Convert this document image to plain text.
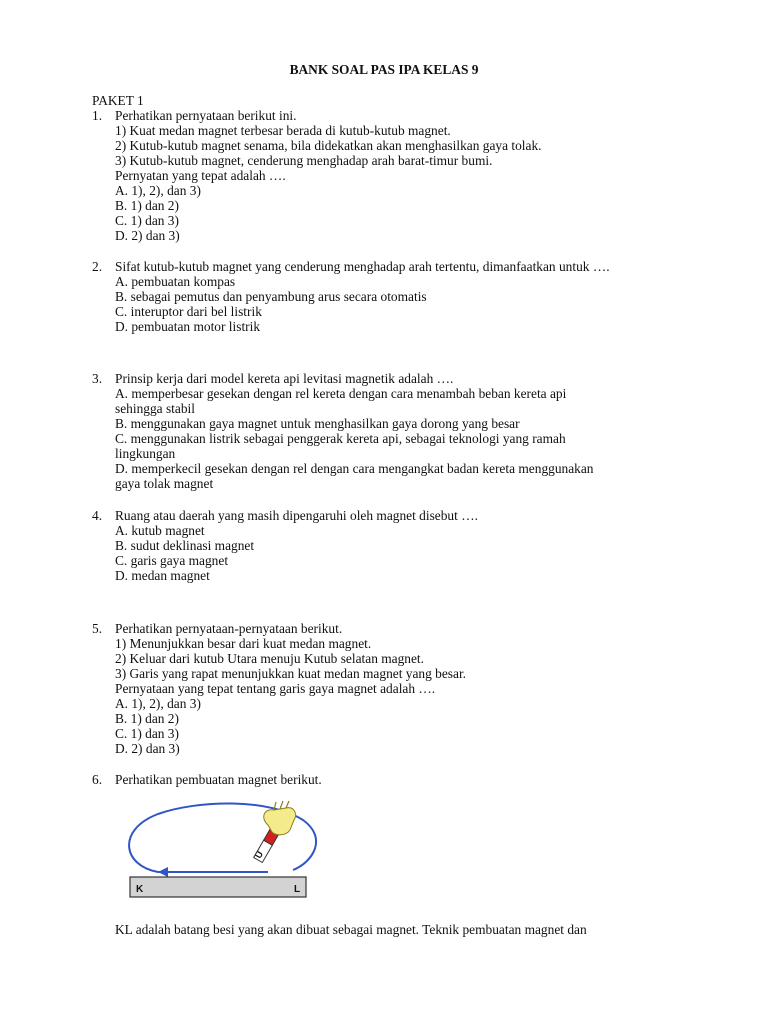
BANK SOAL PAS IPA KELAS 9
PAKET 1
1. Perhatikan pernyataan berikut ini.
1) Kuat medan magnet terbesar berada di kutub-kutub magnet.
2) Kutub-kutub magnet senama, bila didekatkan akan menghasilkan gaya tolak.
3) Kutub-kutub magnet, cenderung menghadap arah barat-timur bumi.
Pernyatan yang tepat adalah ….
A. 1), 2), dan 3)
B. 1) dan 2)
C. 1) dan 3)
D. 2) dan 3)
2. Sifat kutub-kutub magnet yang cenderung menghadap arah tertentu, dimanfaatkan untuk ….
A. pembuatan kompas
B. sebagai pemutus dan penyambung arus secara otomatis
C. interuptor dari bel listrik
D. pembuatan motor listrik
3. Prinsip kerja dari model kereta api levitasi magnetik adalah ….
A. memperbesar gesekan dengan rel kereta dengan cara menambah beban kereta api
sehingga stabil
B. menggunakan gaya magnet untuk menghasilkan gaya dorong yang besar
C. menggunakan listrik sebagai penggerak kereta api, sebagai teknologi yang ramah
lingkungan
D. memperkecil gesekan dengan rel dengan cara mengangkat badan kereta menggunakan
gaya tolak magnet
4. Ruang atau daerah yang masih dipengaruhi oleh magnet disebut ….
A. kutub magnet
B. sudut deklinasi magnet
C. garis gaya magnet
D. medan magnet
5. Perhatikan pernyataan-pernyataan berikut.
1) Menunjukkan besar dari kuat medan magnet.
2) Keluar dari kutub Utara menuju Kutub selatan magnet.
3) Garis yang rapat menunjukkan kuat medan magnet yang besar.
Pernyataan yang tepat tentang garis gaya magnet adalah ….
A. 1), 2), dan 3)
B. 1) dan 2)
C. 1) dan 3)
D. 2) dan 3)
6. Perhatikan pembuatan magnet berikut.
K	L
U
KL adalah batang besi yang akan dibuat sebagai magnet. Teknik pembuatan magnet dan
